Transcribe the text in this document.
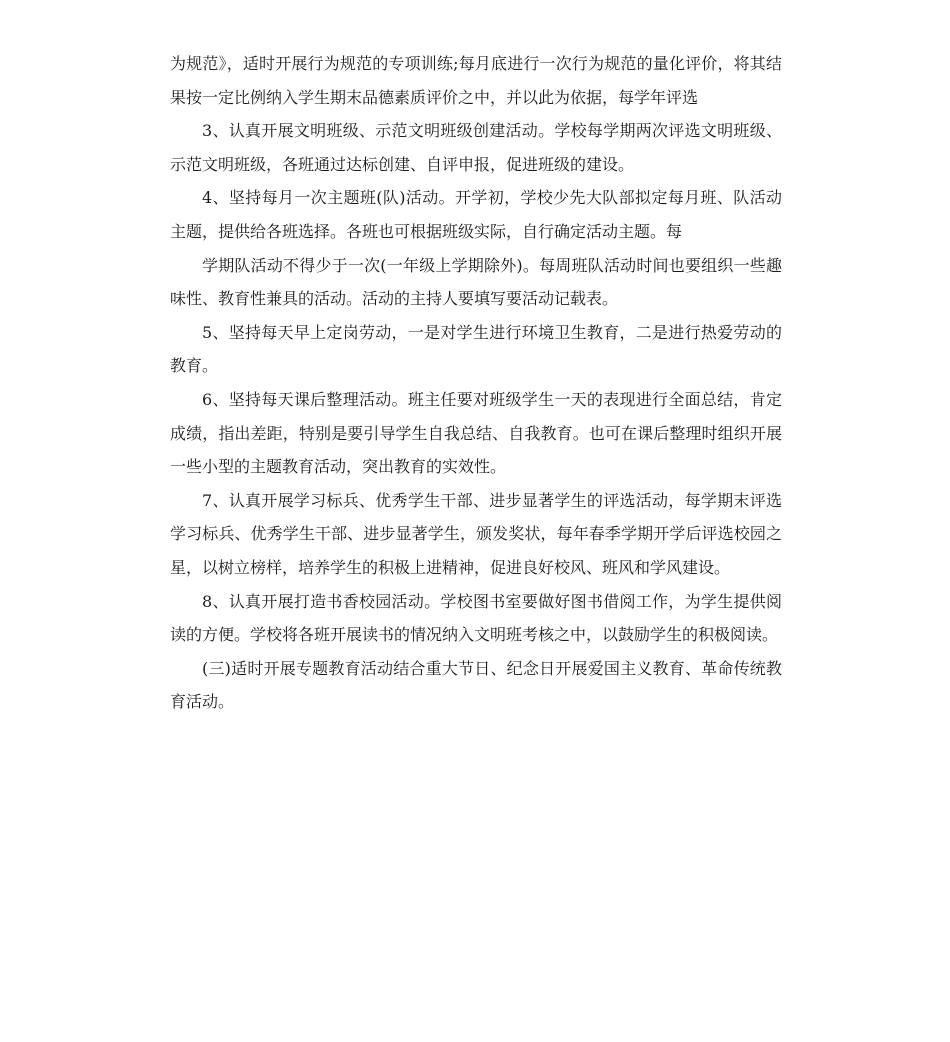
为规范》，适时开展行为规范的专项训练;每月底进行一次行为规范的量化评价，将其结果按一定比例纳入学生期末品德素质评价之中，并以此为依据，每学年评选

3、认真开展文明班级、示范文明班级创建活动。学校每学期两次评选文明班级、示范文明班级，各班通过达标创建、自评申报，促进班级的建设。

4、坚持每月一次主题班(队)活动。开学初，学校少先大队部拟定每月班、队活动主题，提供给各班选择。各班也可根据班级实际，自行确定活动主题。每

学期队活动不得少于一次(一年级上学期除外)。每周班队活动时间也要组织一些趣味性、教育性兼具的活动。活动的主持人要填写要活动记载表。

5、坚持每天早上定岗劳动，一是对学生进行环境卫生教育，二是进行热爱劳动的教育。

6、坚持每天课后整理活动。班主任要对班级学生一天的表现进行全面总结，肯定成绩，指出差距，特别是要引导学生自我总结、自我教育。也可在课后整理时组织开展一些小型的主题教育活动，突出教育的实效性。

7、认真开展学习标兵、优秀学生干部、进步显著学生的评选活动，每学期末评选学习标兵、优秀学生干部、进步显著学生，颁发奖状，每年春季学期开学后评选校园之星，以树立榜样，培养学生的积极上进精神，促进良好校风、班风和学风建设。

8、认真开展打造书香校园活动。学校图书室要做好图书借阅工作，为学生提供阅读的方便。学校将各班开展读书的情况纳入文明班考核之中，以鼓励学生的积极阅读。

(三)适时开展专题教育活动结合重大节日、纪念日开展爱国主义教育、革命传统教育活动。
